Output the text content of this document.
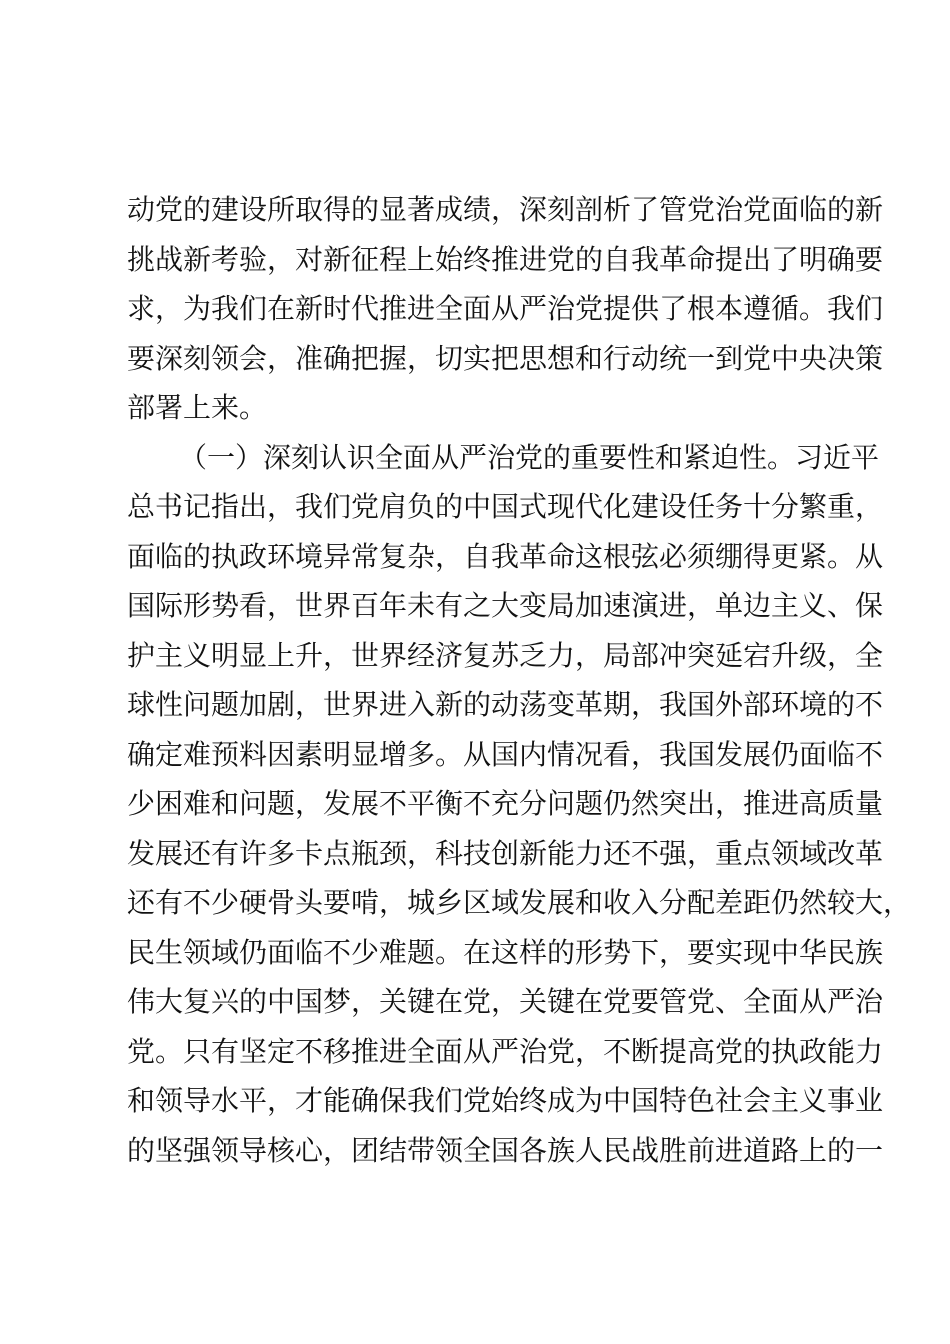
动党的建设所取得的显著成绩，深刻剖析了管党治党面临的新
挑战新考验，对新征程上始终推进党的自我革命提出了明确要
求，为我们在新时代推进全面从严治党提供了根本遵循。我们
要深刻领会，准确把握，切实把思想和行动统一到党中央决策
部署上来。
（一）深刻认识全面从严治党的重要性和紧迫性。习近平
总书记指出，我们党肩负的中国式现代化建设任务十分繁重，
面临的执政环境异常复杂，自我革命这根弦必须绷得更紧。从
国际形势看，世界百年未有之大变局加速演进，单边主义、保
护主义明显上升，世界经济复苏乏力，局部冲突延宕升级，全
球性问题加剧，世界进入新的动荡变革期，我国外部环境的不
确定难预料因素明显增多。从国内情况看，我国发展仍面临不
少困难和问题，发展不平衡不充分问题仍然突出，推进高质量
发展还有许多卡点瓶颈，科技创新能力还不强，重点领域改革
还有不少硬骨头要啃，城乡区域发展和收入分配差距仍然较大，
民生领域仍面临不少难题。在这样的形势下，要实现中华民族
伟大复兴的中国梦，关键在党，关键在党要管党、全面从严治
党。只有坚定不移推进全面从严治党，不断提高党的执政能力
和领导水平，才能确保我们党始终成为中国特色社会主义事业
的坚强领导核心，团结带领全国各族人民战胜前进道路上的一
